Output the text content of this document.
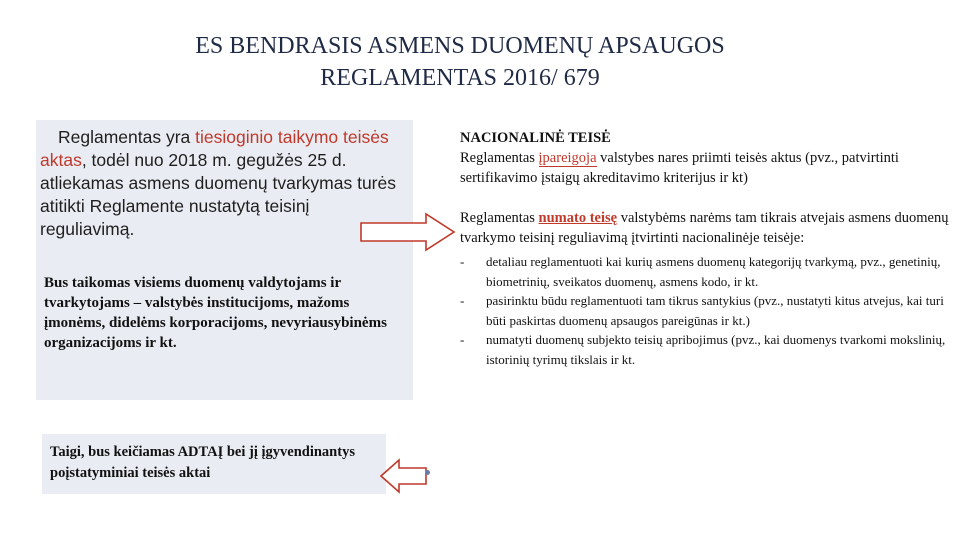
ES BENDRASIS ASMENS DUOMENŲ APSAUGOS
REGLAMENTAS 2016/ 679

Reglamentas yra tiesioginio taikymo teisės aktas, todėl nuo 2018 m. gegužės 25 d. atliekamas asmens duomenų tvarkymas turės atitikti Reglamente nustatytą teisinį reguliavimą.

Bus taikomas visiems duomenų valdytojams ir tvarkytojams – valstybės institucijoms, mažoms įmonėms, didelėms korporacijoms, nevyriausybinėms organizacijoms ir kt.
Taigi, bus keičiamas ADTAĮ bei jį įgyvendinantys poįstatyminiai teisės aktai
NACIONALINĖ TEISĖ
Reglamentas įpareigoja valstybes nares priimti teisės aktus (pvz., patvirtinti sertifikavimo įstaigų akreditavimo kriterijus ir kt)
Reglamentas numato teisę valstybėms narėms tam tikrais atvejais asmens duomenų tvarkymo teisinį reguliavimą įtvirtinti nacionalinėje teisėje:
- detaliau reglamentuoti kai kurių asmens duomenų kategorijų tvarkymą, pvz., genetinių, biometrinių, sveikatos duomenų, asmens kodo, ir kt.
- pasirinktu būdu reglamentuoti tam tikrus santykius (pvz., nustatyti kitus atvejus, kai turi būti paskirtas duomenų apsaugos pareigūnas ir kt.)
- numatyti duomenų subjekto teisių apribojimus (pvz., kai duomenys tvarkomi mokslinių, istorinių tyrimų tikslais ir kt.
